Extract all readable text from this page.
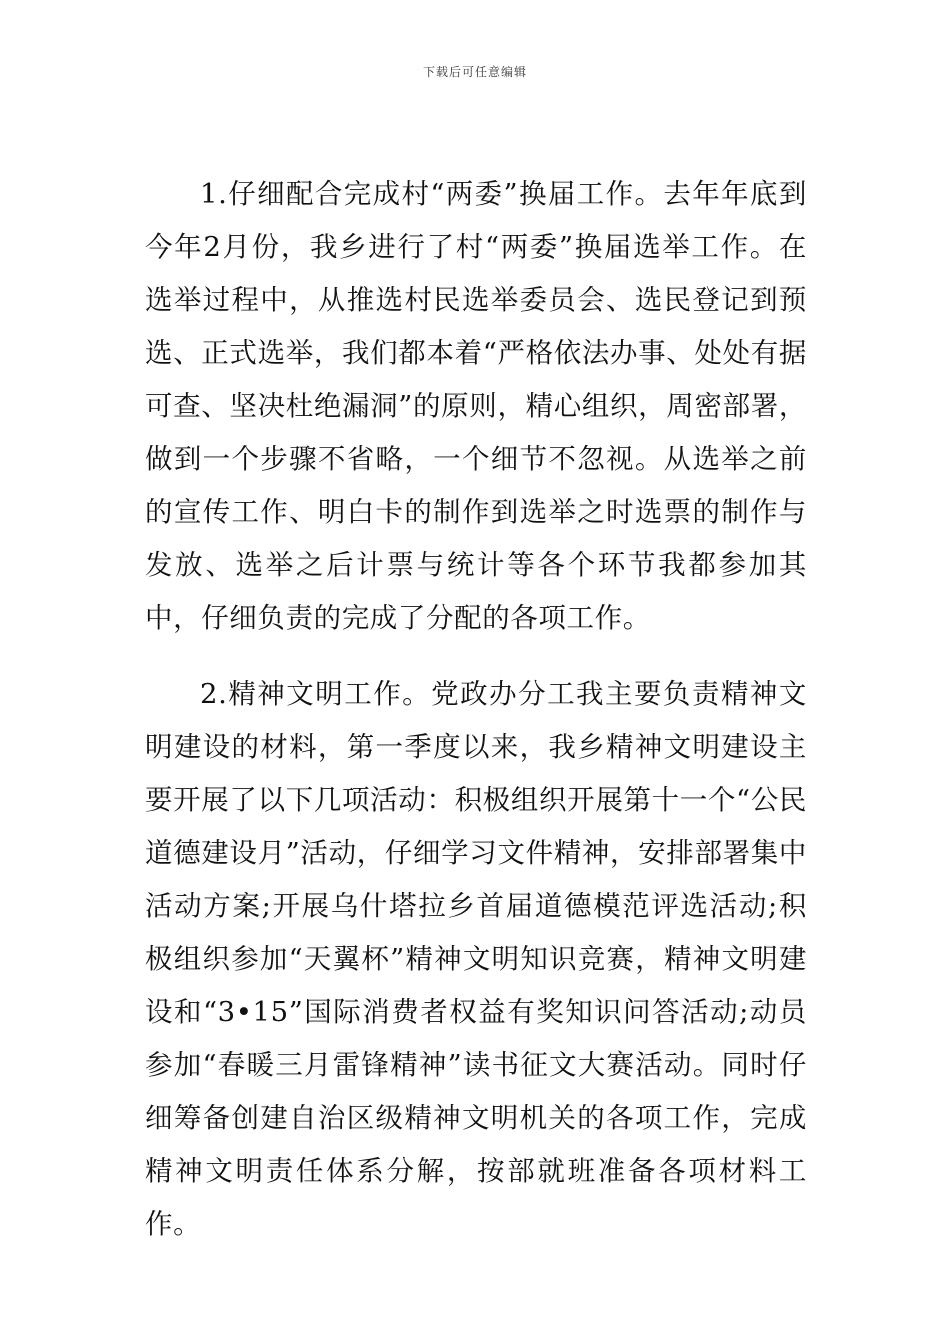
下载后可任意编辑

1.仔细配合完成村“两委”换届工作。去年年底到今年2月份，我乡进行了村“两委”换届选举工作。在选举过程中，从推选村民选举委员会、选民登记到预选、正式选举，我们都本着“严格依法办事、处处有据可查、坚决杜绝漏洞”的原则，精心组织，周密部署，做到一个步骤不省略，一个细节不忽视。从选举之前的宣传工作、明白卡的制作到选举之时选票的制作与发放、选举之后计票与统计等各个环节我都参加其中，仔细负责的完成了分配的各项工作。

2.精神文明工作。党政办分工我主要负责精神文明建设的材料，第一季度以来，我乡精神文明建设主要开展了以下几项活动：积极组织开展第十一个“公民道德建设月”活动，仔细学习文件精神，安排部署集中活动方案;开展乌什塔拉乡首届道德模范评选活动;积极组织参加“天翼杯”精神文明知识竞赛，精神文明建设和“3•15”国际消费者权益有奖知识问答活动;动员参加“春暖三月雷锋精神”读书征文大赛活动。同时仔细筹备创建自治区级精神文明机关的各项工作，完成精神文明责任体系分解，按部就班准备各项材料工作。
